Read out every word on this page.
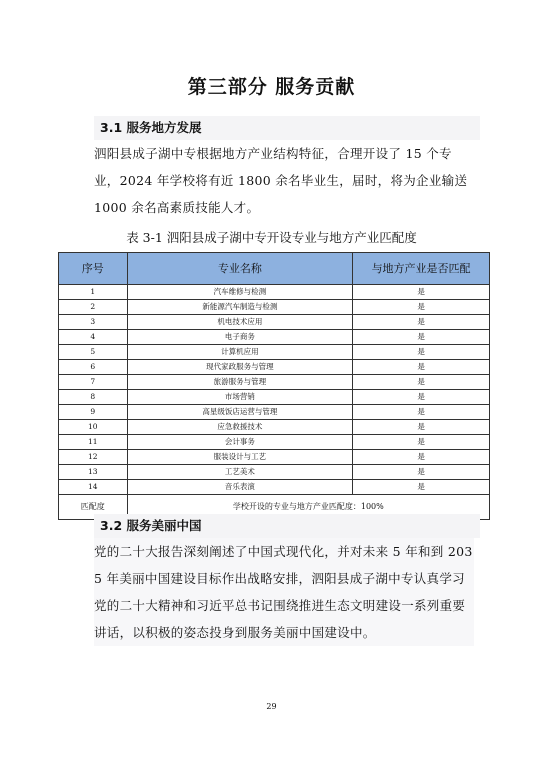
第三部分 服务贡献
3.1 服务地方发展
泗阳县成子湖中专根据地方产业结构特征，合理开设了 15 个专业，2024 年学校将有近 1800 余名毕业生，届时，将为企业输送 1000 余名高素质技能人才。
表 3-1 泗阳县成子湖中专开设专业与地方产业匹配度
序号	专业名称	与地方产业是否匹配
1	汽车维修与检测	是
2	新能源汽车制造与检测	是
3	机电技术应用	是
4	电子商务	是
5	计算机应用	是
6	现代家政服务与管理	是
7	旅游服务与管理	是
8	市场营销	是
9	高星级饭店运营与管理	是
10	应急救援技术	是
11	会计事务	是
12	服装设计与工艺	是
13	工艺美术	是
14	音乐表演	是
匹配度	学校开设的专业与地方产业匹配度：100%	
3.2 服务美丽中国
党的二十大报告深刻阐述了中国式现代化，并对未来 5 年和到 2035 年美丽中国建设目标作出战略安排，泗阳县成子湖中专认真学习党的二十大精神和习近平总书记围绕推进生态文明建设一系列重要讲话，以积极的姿态投身到服务美丽中国建设中。
29
